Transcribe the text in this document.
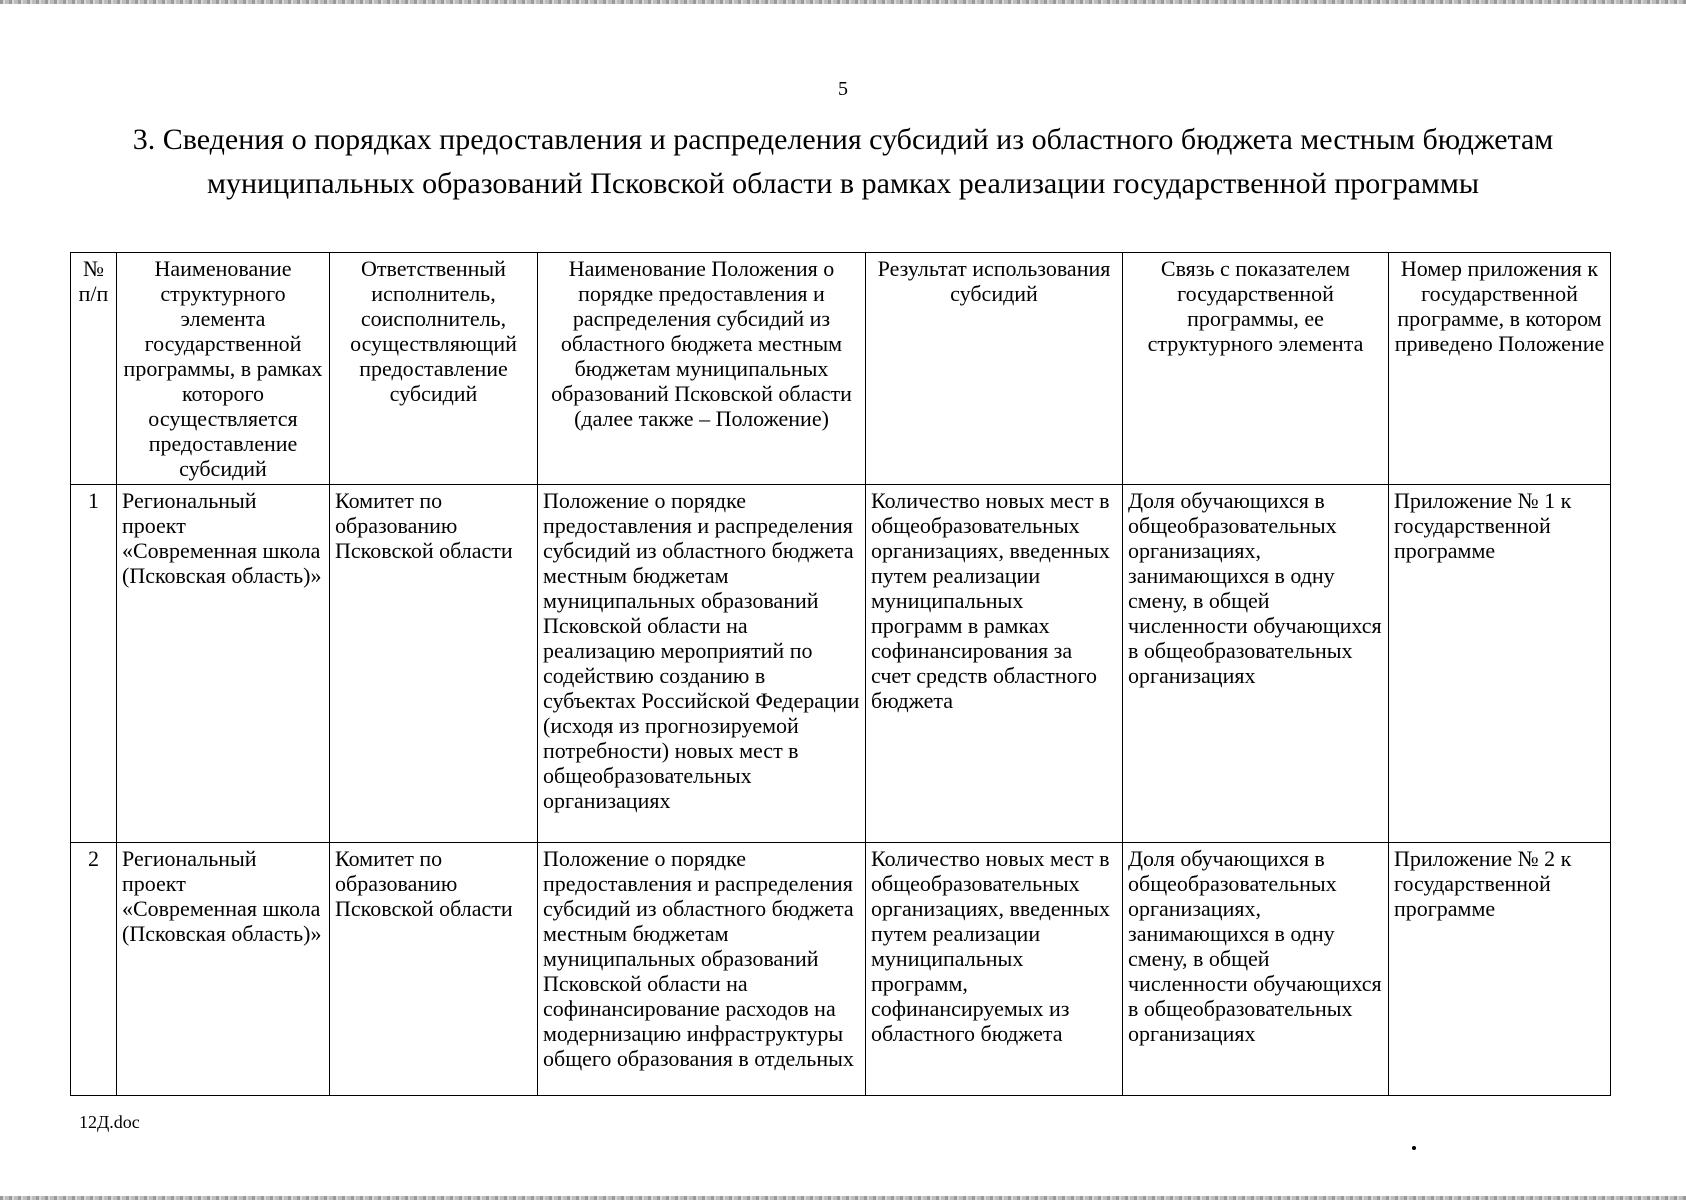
5
3. Сведения о порядках предоставления и распределения субсидий из областного бюджета местным бюджетам
муниципальных образований Псковской области в рамках реализации государственной программы
№ п/п	Наименование структурного элемента государственной программы, в рамках которого осуществляется предоставление субсидий	Ответственный исполнитель, соисполнитель, осуществляющий предоставление субсидий	Наименование Положения о порядке предоставления и распределения субсидий из областного бюджета местным бюджетам муниципальных образований Псковской области (далее также – Положение)	Результат использования субсидий	Связь с показателем государственной программы, ее структурного элемента	Номер приложения к государственной программе, в котором приведено Положение
1	Региональный проект «Современная школа (Псковская область)»	Комитет по образованию Псковской области	Положение о порядке предоставления и распределения субсидий из областного бюджета местным бюджетам муниципальных образований Псковской области на реализацию мероприятий по содействию созданию в субъектах Российской Федерации (исходя из прогнозируемой потребности) новых мест в общеобразовательных организациях	Количество новых мест в общеобразовательных организациях, введенных путем реализации муниципальных программ в рамках софинансирования за счет средств областного бюджета	Доля обучающихся в общеобразовательных организациях, занимающихся в одну смену, в общей численности обучающихся в общеобразовательных организациях	Приложение № 1 к государственной программе

2	Региональный проект «Современная школа (Псковская область)»	Комитет по образованию Псковской области	Положение о порядке предоставления и распределения субсидий из областного бюджета местным бюджетам муниципальных образований Псковской области на софинансирование расходов на модернизацию инфраструктуры общего образования в отдельных	Количество новых мест в общеобразовательных организациях, введенных путем реализации муниципальных программ, софинансируемых из областного бюджета	Доля обучающихся в общеобразовательных организациях, занимающихся в одну смену, в общей численности обучающихся в общеобразовательных организациях	Приложение № 2 к государственной программе
12Д.doc
